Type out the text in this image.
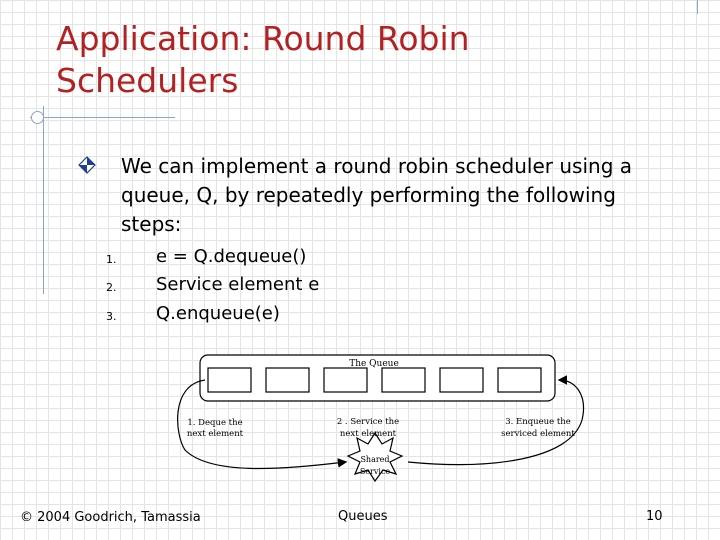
Application: Round Robin
Schedulers
We can implement a round robin scheduler using a queue, Q, by repeatedly performing the following steps:
1. e = Q.dequeue()
2. Service element e
3. Q.enqueue(e)
The Queue
Shared
Service
1. Deque the
next element
2 . Service the
next element
3. Enqueue the
serviced element
© 2004 Goodrich, Tamassia	Queues	10
